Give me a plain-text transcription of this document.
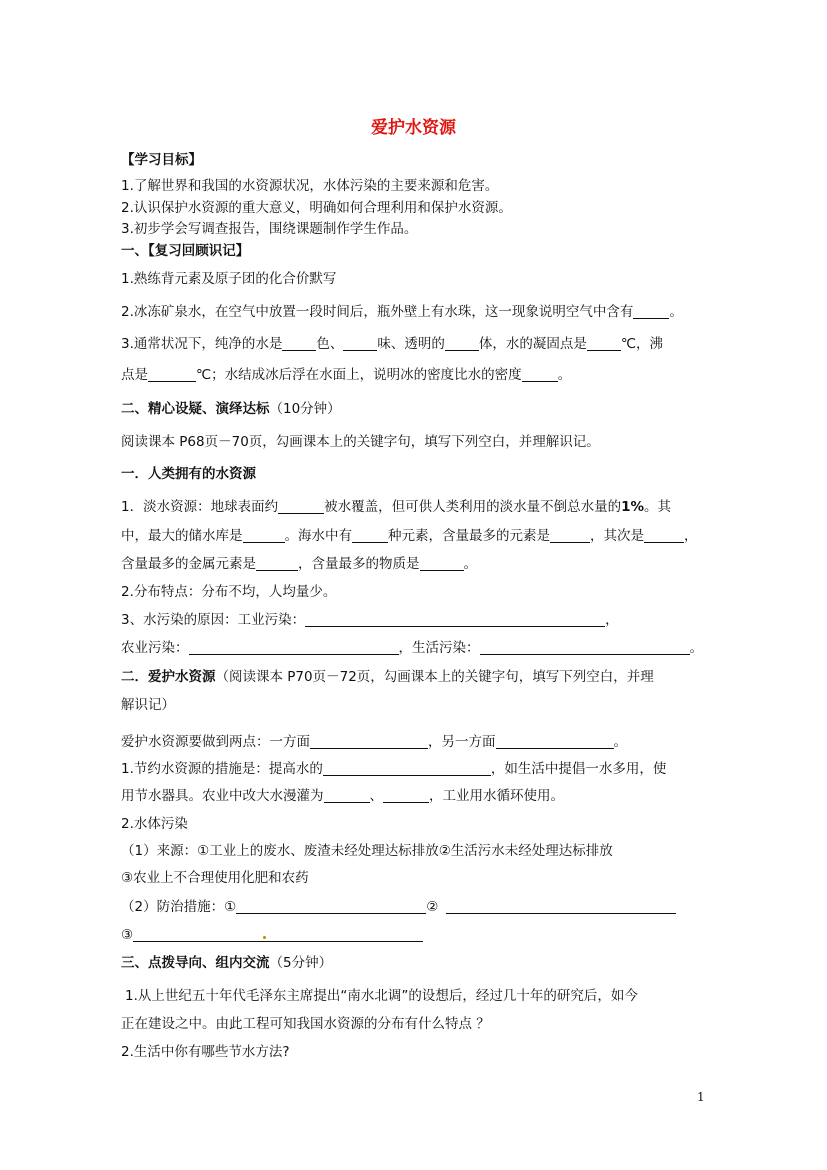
爱护水资源
【学习目标】
1.了解世界和我国的水资源状况，水体污染的主要来源和危害。
2.认识保护水资源的重大意义，明确如何合理利用和保护水资源。
3.初步学会写调查报告，围绕课题制作学生作品。
一、【复习回顾识记】
1.熟练背元素及原子团的化合价默写
2.冰冻矿泉水，在空气中放置一段时间后，瓶外壁上有水珠，这一现象说明空气中含有	。
3.通常状况下，纯净的水是	色、	味、透明的	体，水的凝固点是	℃，沸
点是	℃；水结成冰后浮在水面上，说明冰的密度比水的密度	。
二、精心设疑、演绎达标（10分钟）
阅读课本 P68页－70页，勾画课本上的关键字句，填写下列空白，并理解识记。
一．人类拥有的水资源
1．淡水资源：地球表面约	被水覆盖，但可供人类利用的淡水量不倒总水量的1%。其
中，最大的储水库是	。海水中有	种元素，含量最多的元素是	，其次是	，
含量最多的金属元素是	，含量最多的物质是	。
2.分布特点：分布不均，人均量少。
3、水污染的原因：工业污染：	，
农业污染：	，生活污染：	。
二．爱护水资源（阅读课本 P70页－72页，勾画课本上的关键字句，填写下列空白，并理
解识记）
爱护水资源要做到两点：一方面	，另一方面	。
1.节约水资源的措施是：提高水的	，如生活中提倡一水多用，使
用节水器具。农业中改大水漫灌为	、	，工业用水循环使用。
2.水体污染
（1）来源：①工业上的废水、废渣未经处理达标排放②生活污水未经处理达标排放
③农业上不合理使用化肥和农药
（2）防治措施：①	②
③
三、点拨导向、组内交流（5分钟）
1.从上世纪五十年代毛泽东主席提出“南水北调”的设想后，经过几十年的研究后，如今
正在建设之中。由此工程可知我国水资源的分布有什么特点 ？
2.生活中你有哪些节水方法?
1
